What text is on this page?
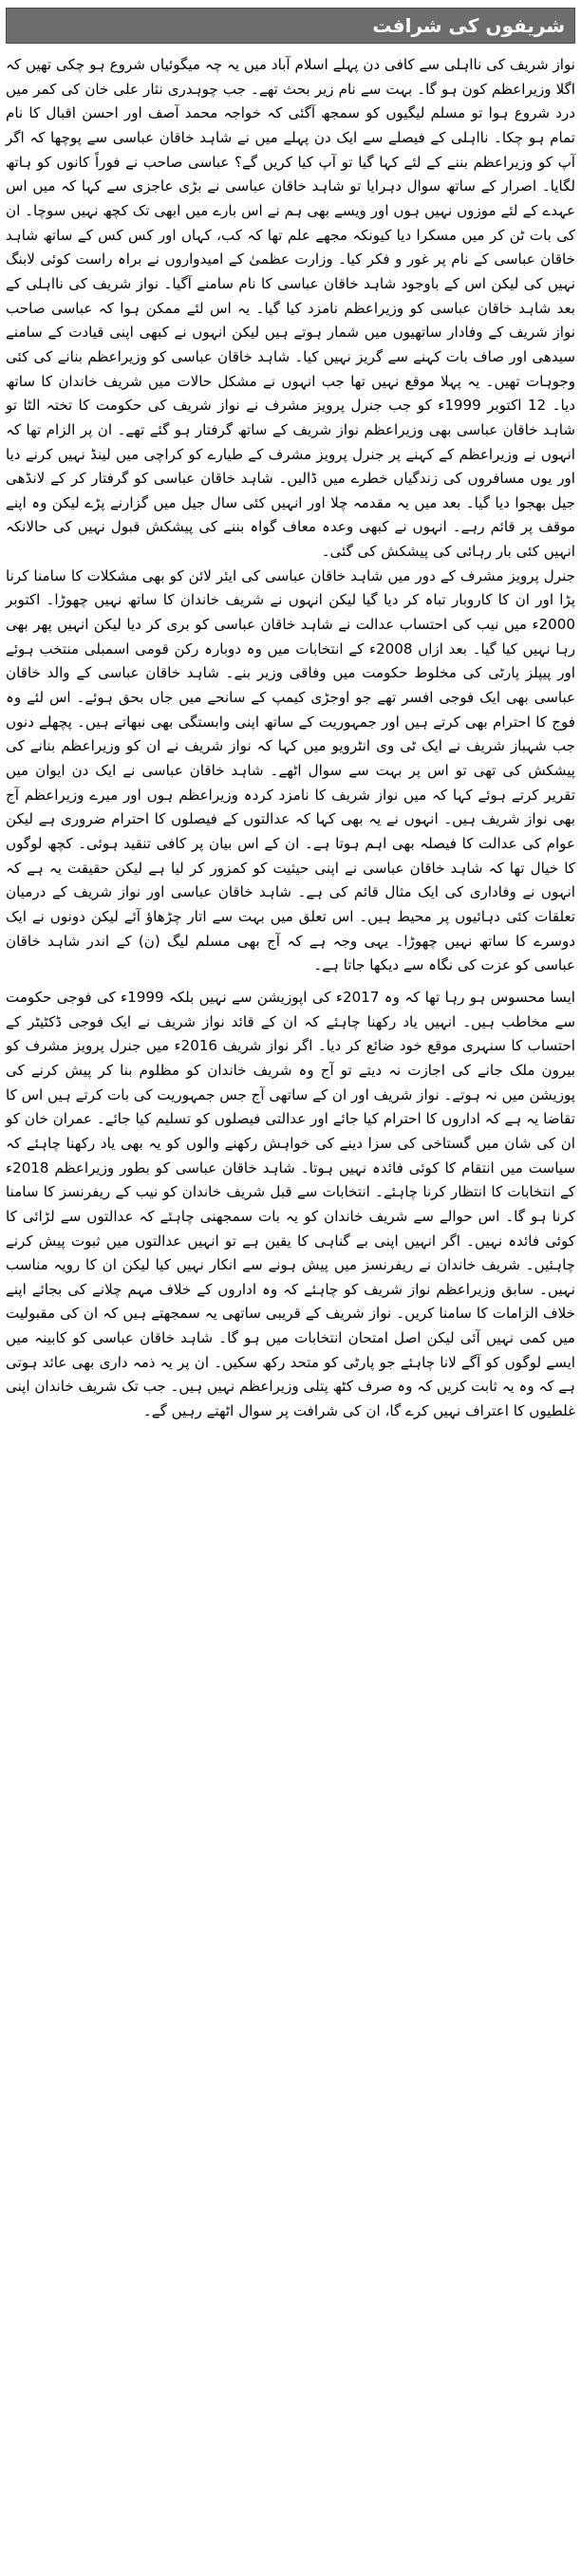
شریفوں کی شرافت

نواز شریف کی نااہلی سے کافی دن پہلے اسلام آباد میں یہ چہ میگوئیاں شروع ہو چکی تھیں کہ اگلا وزیراعظم کون ہو گا۔ بہت سے نام زیر بحث تھے۔ جب چوہدری نثار علی خان کی کمر میں درد شروع ہوا تو مسلم لیگیوں کو سمجھ آگئی کہ خواجہ محمد آصف اور احسن اقبال کا نام تمام ہو چکا۔ نااہلی کے فیصلے سے ایک دن پہلے میں نے شاہد خاقان عباسی سے پوچھا کہ اگر آپ کو وزیراعظم بننے کے لئے کہا گیا تو آپ کیا کریں گے؟ عباسی صاحب نے فوراً کانوں کو ہاتھ لگایا۔ اصرار کے ساتھ سوال دہرایا تو شاہد خاقان عباسی نے بڑی عاجزی سے کہا کہ میں اس عہدے کے لئے موزوں نہیں ہوں اور ویسے بھی ہم نے اس بارے میں ابھی تک کچھ نہیں سوچا۔ ان کی بات ٹن کر میں مسکرا دیا کیونکہ مجھے علم تھا کہ کب، کہاں اور کس کس کے ساتھ شاہد خاقان عباسی کے نام پر غور و فکر کیا۔ وزارت عظمیٰ کے امیدواروں نے براہ راست کوئی لابنگ نہیں کی لیکن اس کے باوجود شاہد خاقان عباسی کا نام سامنے آگیا۔ نواز شریف کی نااہلی کے بعد شاہد خاقان عباسی کو وزیراعظم نامزد کیا گیا۔ یہ اس لئے ممکن ہوا کہ عباسی صاحب نواز شریف کے وفادار ساتھیوں میں شمار ہوتے ہیں لیکن انہوں نے کبھی اپنی قیادت کے سامنے سیدھی اور صاف بات کہنے سے گریز نہیں کیا۔ شاہد خاقان عباسی کو وزیراعظم بنانے کی کئی وجوہات تھیں۔ یہ پہلا موقع نہیں تھا جب انہوں نے مشکل حالات میں شریف خاندان کا ساتھ دیا۔ 12 اکتوبر 1999ء کو جب جنرل پرویز مشرف نے نواز شریف کی حکومت کا تختہ الٹا تو شاہد خاقان عباسی بھی وزیراعظم نواز شریف کے ساتھ گرفتار ہو گئے تھے۔ ان پر الزام تھا کہ انہوں نے وزیراعظم کے کہنے پر جنرل پرویز مشرف کے طیارے کو کراچی میں لینڈ نہیں کرنے دیا اور یوں مسافروں کی زندگیاں خطرے میں ڈالیں۔ شاہد خاقان عباسی کو گرفتار کر کے لانڈھی جیل بھجوا دیا گیا۔ بعد میں یہ مقدمہ چلا اور انہیں کئی سال جیل میں گزارنے پڑے لیکن وہ اپنے موقف پر قائم رہے۔ انہوں نے کبھی وعدہ معاف گواہ بننے کی پیشکش قبول نہیں کی حالانکہ انہیں کئی بار رہائی کی پیشکش کی گئی۔

جنرل پرویز مشرف کے دور میں شاہد خاقان عباسی کی ایئر لائن کو بھی مشکلات کا سامنا کرنا پڑا اور ان کا کاروبار تباہ کر دیا گیا لیکن انہوں نے شریف خاندان کا ساتھ نہیں چھوڑا۔ اکتوبر 2000ء میں نیب کی احتساب عدالت نے شاہد خاقان عباسی کو بری کر دیا لیکن انہیں پھر بھی رہا نہیں کیا گیا۔ بعد ازاں 2008ء کے انتخابات میں وہ دوبارہ رکن قومی اسمبلی منتخب ہوئے اور پیپلز پارٹی کی مخلوط حکومت میں وفاقی وزیر بنے۔ شاہد خاقان عباسی کے والد خاقان عباسی بھی ایک فوجی افسر تھے جو اوجڑی کیمپ کے سانحے میں جاں بحق ہوئے۔ اس لئے وہ فوج کا احترام بھی کرتے ہیں اور جمہوریت کے ساتھ اپنی وابستگی بھی نبھاتے ہیں۔ پچھلے دنوں جب شہباز شریف نے ایک ٹی وی انٹرویو میں کہا کہ نواز شریف نے ان کو وزیراعظم بنانے کی پیشکش کی تھی تو اس پر بہت سے سوال اٹھے۔ شاہد خاقان عباسی نے ایک دن ایوان میں تقریر کرتے ہوئے کہا کہ میں نواز شریف کا نامزد کردہ وزیراعظم ہوں اور میرے وزیراعظم آج بھی نواز شریف ہیں۔ انہوں نے یہ بھی کہا کہ عدالتوں کے فیصلوں کا احترام ضروری ہے لیکن عوام کی عدالت کا فیصلہ بھی اہم ہوتا ہے۔ ان کے اس بیان پر کافی تنقید ہوئی۔ کچھ لوگوں کا خیال تھا کہ شاہد خاقان عباسی نے اپنی حیثیت کو کمزور کر لیا ہے لیکن حقیقت یہ ہے کہ انہوں نے وفاداری کی ایک مثال قائم کی ہے۔ شاہد خاقان عباسی اور نواز شریف کے درمیان تعلقات کئی دہائیوں پر محیط ہیں۔ اس تعلق میں بہت سے اتار چڑھاؤ آئے لیکن دونوں نے ایک دوسرے کا ساتھ نہیں چھوڑا۔ یہی وجہ ہے کہ آج بھی مسلم لیگ (ن) کے اندر شاہد خاقان عباسی کو عزت کی نگاہ سے دیکھا جاتا ہے۔

ایسا محسوس ہو رہا تھا کہ وہ 2017ء کی اپوزیشن سے نہیں بلکہ 1999ء کی فوجی حکومت سے مخاطب ہیں۔ انہیں یاد رکھنا چاہئے کہ ان کے قائد نواز شریف نے ایک فوجی ڈکٹیٹر کے احتساب کا سنہری موقع خود ضائع کر دیا۔ اگر نواز شریف 2016ء میں جنرل پرویز مشرف کو بیرون ملک جانے کی اجازت نہ دیتے تو آج وہ شریف خاندان کو مظلوم بنا کر پیش کرنے کی پوزیشن میں نہ ہوتے۔ نواز شریف اور ان کے ساتھی آج جس جمہوریت کی بات کرتے ہیں اس کا تقاضا یہ ہے کہ اداروں کا احترام کیا جائے اور عدالتی فیصلوں کو تسلیم کیا جائے۔ عمران خان کو ان کی شان میں گستاخی کی سزا دینے کی خواہش رکھنے والوں کو یہ بھی یاد رکھنا چاہئے کہ سیاست میں انتقام کا کوئی فائدہ نہیں ہوتا۔ شاہد خاقان عباسی کو بطور وزیراعظم 2018ء کے انتخابات کا انتظار کرنا چاہئے۔ انتخابات سے قبل شریف خاندان کو نیب کے ریفرنسز کا سامنا کرنا ہو گا۔ اس حوالے سے شریف خاندان کو یہ بات سمجھنی چاہئے کہ عدالتوں سے لڑائی کا کوئی فائدہ نہیں۔ اگر انہیں اپنی بے گناہی کا یقین ہے تو انہیں عدالتوں میں ثبوت پیش کرنے چاہئیں۔ شریف خاندان نے ریفرنسز میں پیش ہونے سے انکار نہیں کیا لیکن ان کا رویہ مناسب نہیں۔ سابق وزیراعظم نواز شریف کو چاہئے کہ وہ اداروں کے خلاف مہم چلانے کی بجائے اپنے خلاف الزامات کا سامنا کریں۔ نواز شریف کے قریبی ساتھی یہ سمجھتے ہیں کہ ان کی مقبولیت میں کمی نہیں آئی لیکن اصل امتحان انتخابات میں ہو گا۔ شاہد خاقان عباسی کو کابینہ میں ایسے لوگوں کو آگے لانا چاہئے جو پارٹی کو متحد رکھ سکیں۔ ان پر یہ ذمہ داری بھی عائد ہوتی ہے کہ وہ یہ ثابت کریں کہ وہ صرف کٹھ پتلی وزیراعظم نہیں ہیں۔ جب تک شریف خاندان اپنی غلطیوں کا اعتراف نہیں کرے گا، ان کی شرافت پر سوال اٹھتے رہیں گے۔
